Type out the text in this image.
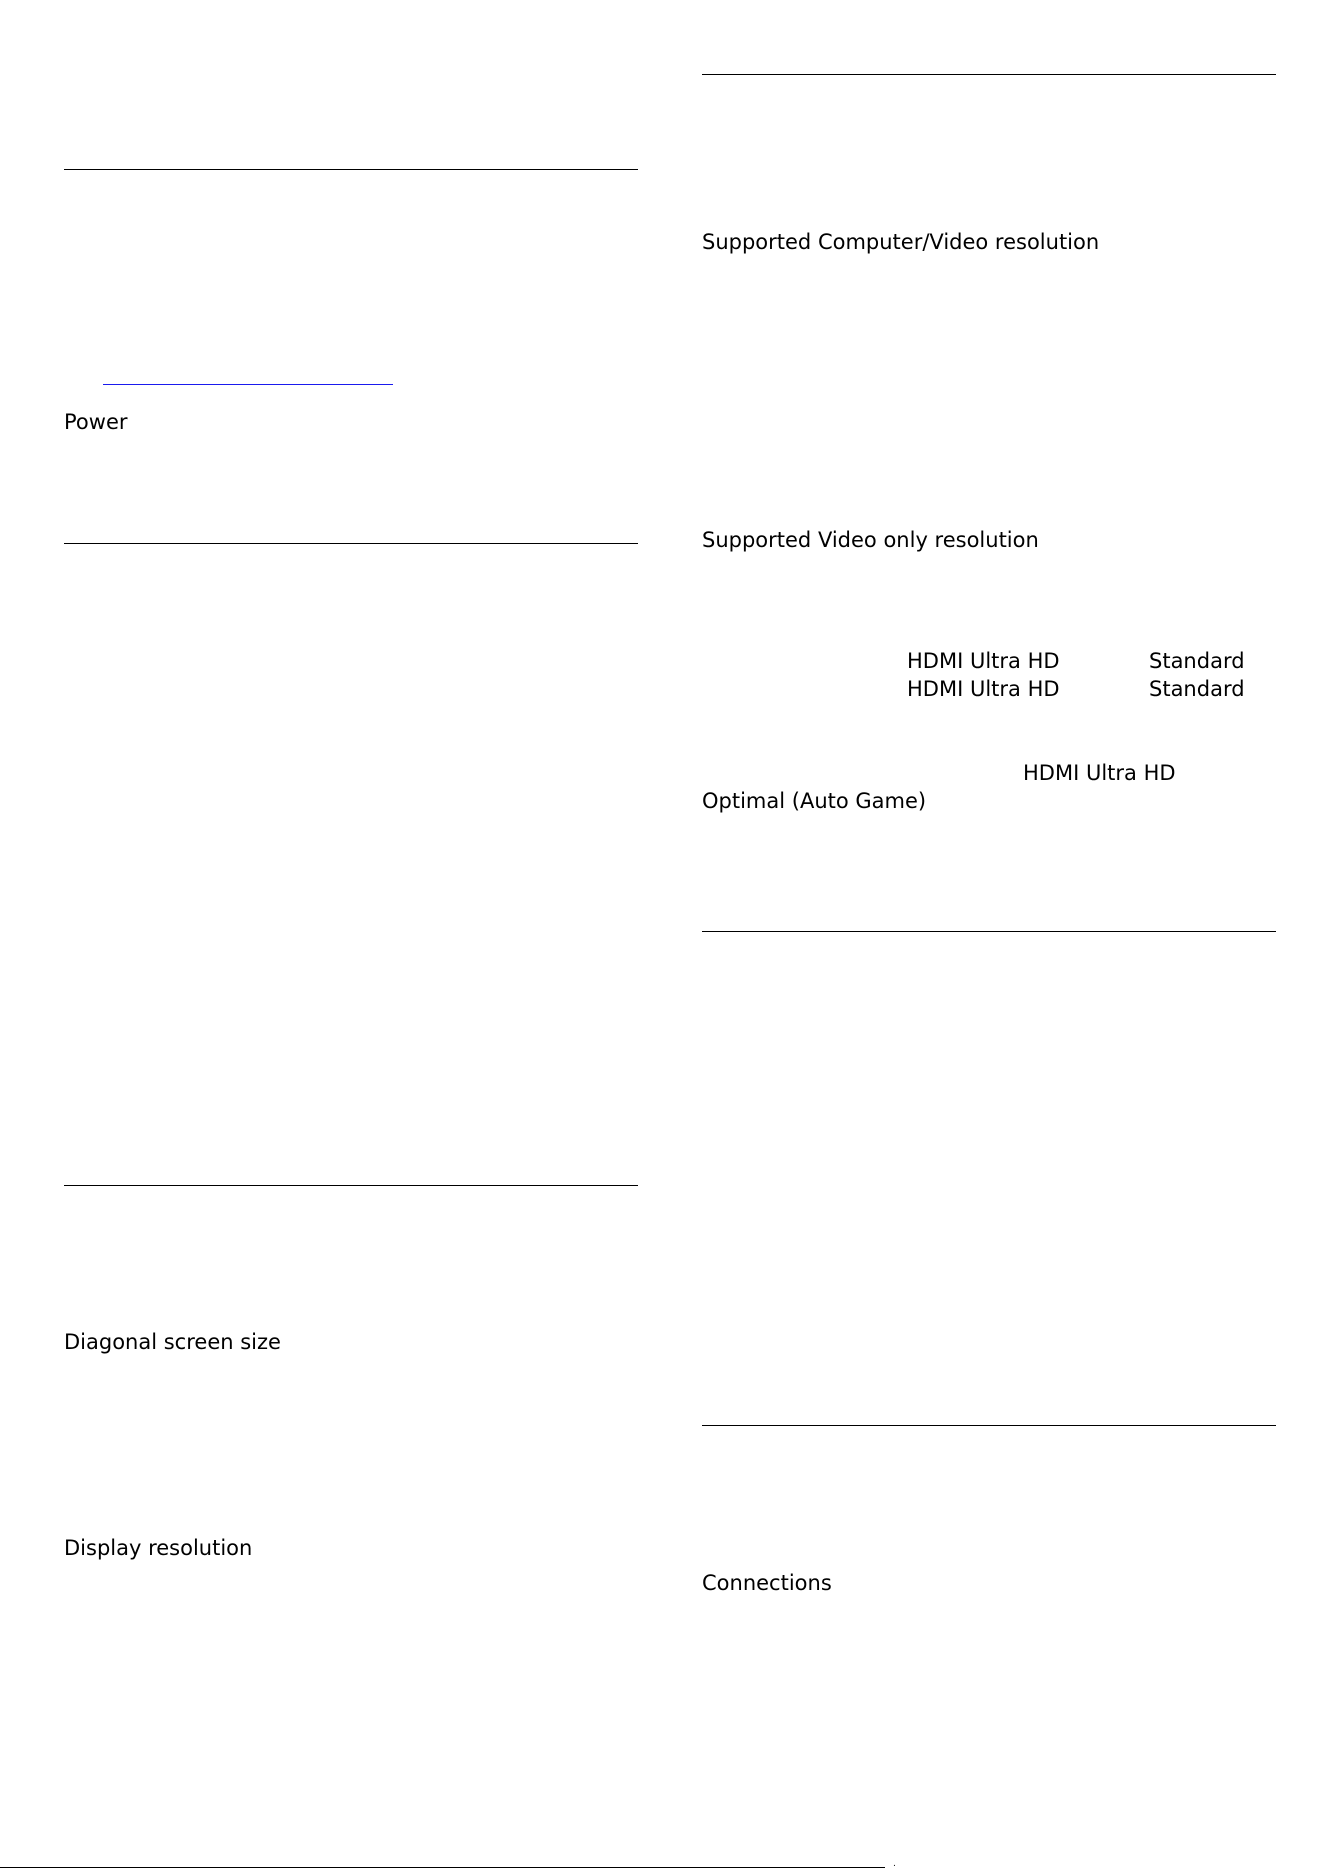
Power
Diagonal screen size
Display resolution
Supported Computer/Video resolution
Supported Video only resolution
HDMI Ultra HD	Standard
HDMI Ultra HD	Standard
HDMI Ultra HD
Optimal (Auto Game)
Connections
.
